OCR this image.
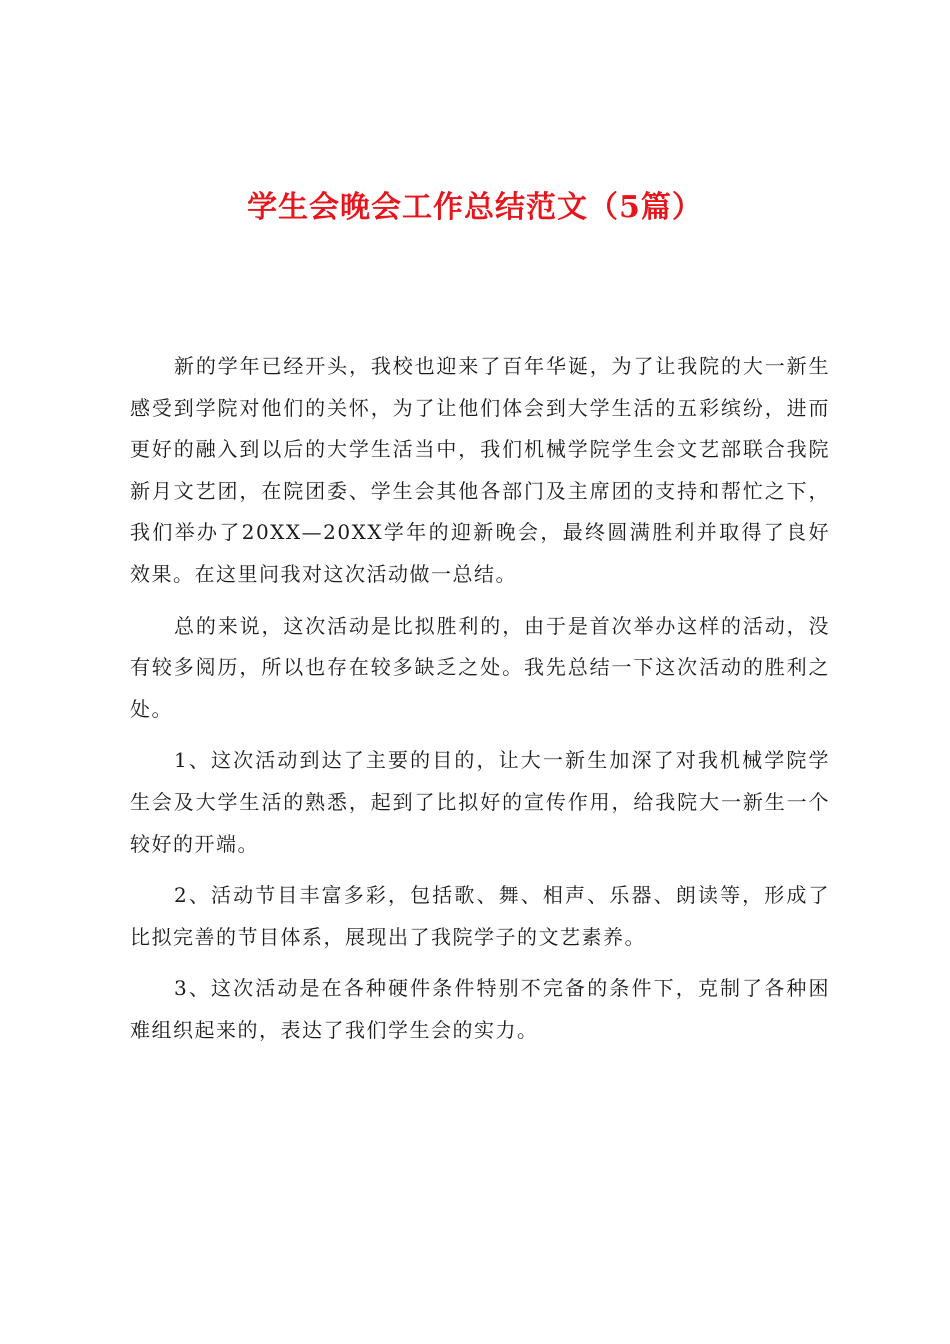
学生会晚会工作总结范文（5篇）

新的学年已经开头，我校也迎来了百年华诞，为了让我院的大一新生感受到学院对他们的关怀，为了让他们体会到大学生活的五彩缤纷，进而更好的融入到以后的大学生活当中，我们机械学院学生会文艺部联合我院新月文艺团，在院团委、学生会其他各部门及主席团的支持和帮忙之下，我们举办了20XX—20XX学年的迎新晚会，最终圆满胜利并取得了良好效果。在这里问我对这次活动做一总结。

总的来说，这次活动是比拟胜利的，由于是首次举办这样的活动，没有较多阅历，所以也存在较多缺乏之处。我先总结一下这次活动的胜利之处。

1、这次活动到达了主要的目的，让大一新生加深了对我机械学院学生会及大学生活的熟悉，起到了比拟好的宣传作用，给我院大一新生一个较好的开端。

2、活动节目丰富多彩，包括歌、舞、相声、乐器、朗读等，形成了比拟完善的节目体系，展现出了我院学子的文艺素养。

3、这次活动是在各种硬件条件特别不完备的条件下，克制了各种困难组织起来的，表达了我们学生会的实力。
